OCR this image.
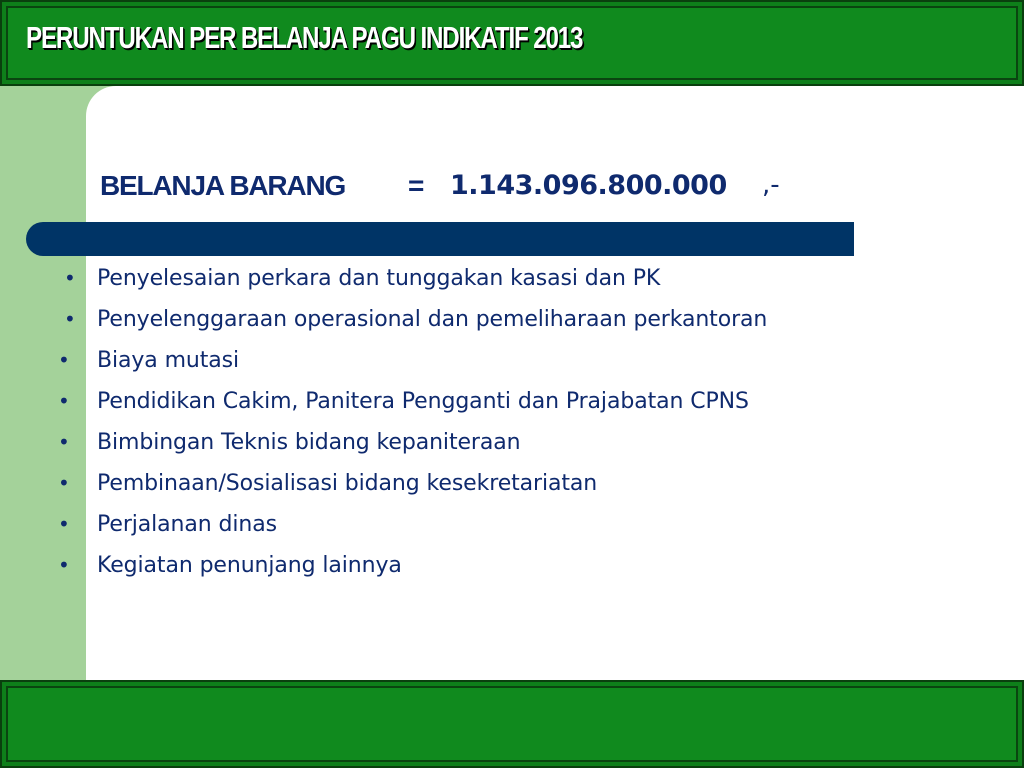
PERUNTUKAN PER BELANJA PAGU INDIKATIF 2013
BELANJA BARANG = 1.143.096.800.000 ,-
• Penyelesaian perkara dan tunggakan kasasi dan PK
• Penyelenggaraan operasional dan pemeliharaan perkantoran
• Biaya mutasi
• Pendidikan Cakim, Panitera Pengganti dan Prajabatan CPNS
• Bimbingan Teknis bidang kepaniteraan
• Pembinaan/Sosialisasi bidang kesekretariatan
• Perjalanan dinas
• Kegiatan penunjang lainnya
